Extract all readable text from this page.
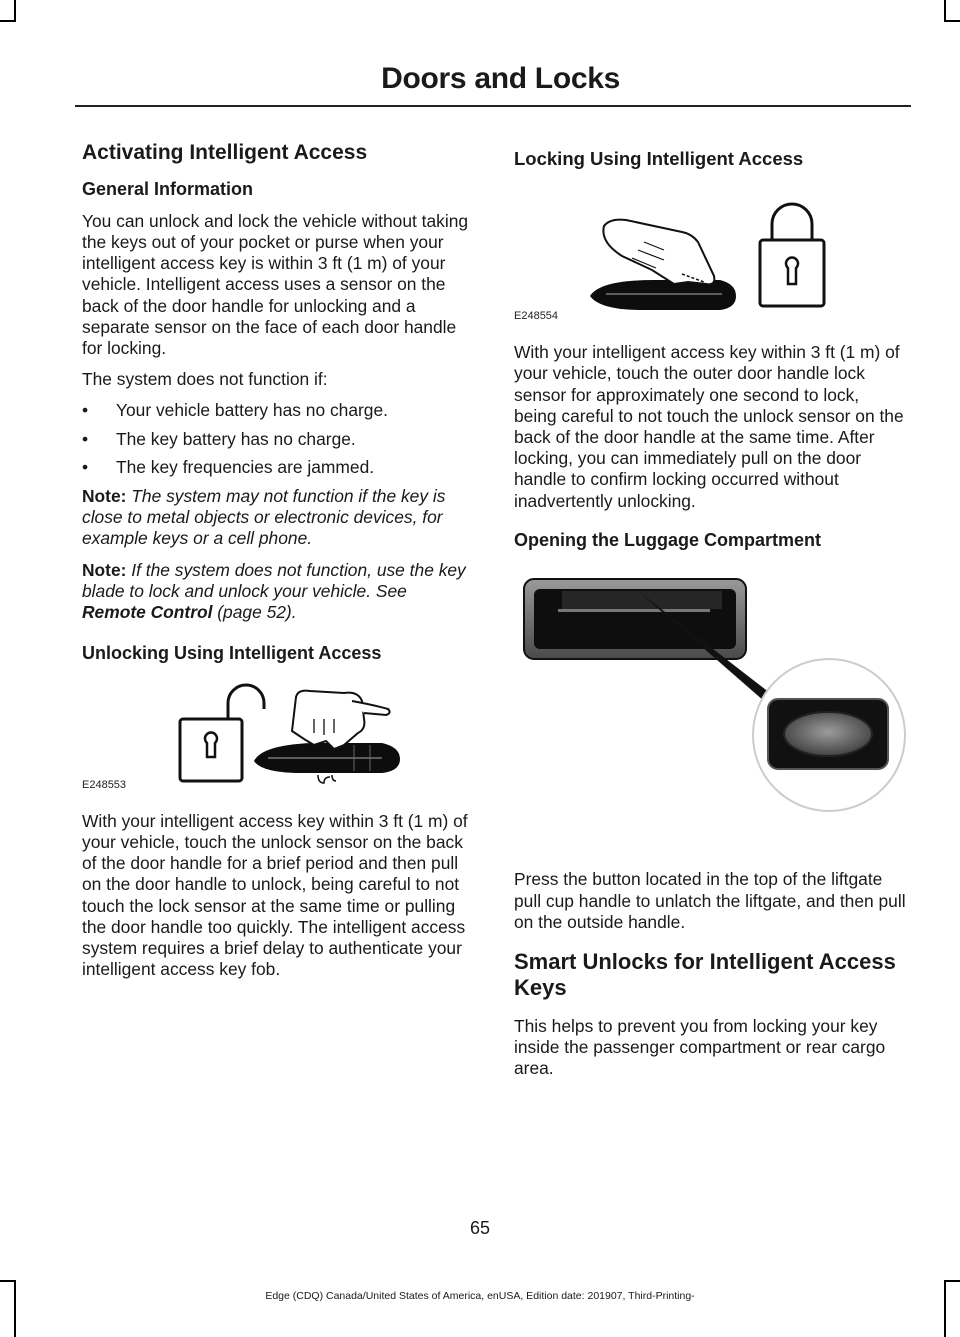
Doors and Locks
Activating Intelligent Access
General Information

You can unlock and lock the vehicle without taking the keys out of your pocket or purse when your intelligent access key is within 3 ft (1 m) of your vehicle. Intelligent access uses a sensor on the back of the door handle for unlocking and a separate sensor on the face of each door handle for locking.

The system does not function if:

• Your vehicle battery has no charge.
• The key battery has no charge.
• The key frequencies are jammed.

Note: The system may not function if the key is close to metal objects or electronic devices, for example keys or a cell phone.

Note: If the system does not function, use the key blade to lock and unlock your vehicle. See Remote Control (page 52).

Unlocking Using Intelligent Access
E248553

With your intelligent access key within 3 ft (1 m) of your vehicle, touch the unlock sensor on the back of the door handle for a brief period and then pull on the door handle to unlock, being careful to not touch the lock sensor at the same time or pulling the door handle too quickly. The intelligent access system requires a brief delay to authenticate your intelligent access key fob.

Locking Using Intelligent Access
E248554

With your intelligent access key within 3 ft (1 m) of your vehicle, touch the outer door handle lock sensor for approximately one second to lock, being careful to not touch the unlock sensor on the back of the door handle at the same time. After locking, you can immediately pull on the door handle to confirm locking occurred without inadvertently unlocking.

Opening the Luggage Compartment

Press the button located in the top of the liftgate pull cup handle to unlatch the liftgate, and then pull on the outside handle.

Smart Unlocks for Intelligent Access Keys

This helps to prevent you from locking your key inside the passenger compartment or rear cargo area.

65
Edge (CDQ) Canada/United States of America, enUSA, Edition date: 201907, Third-Printing-
